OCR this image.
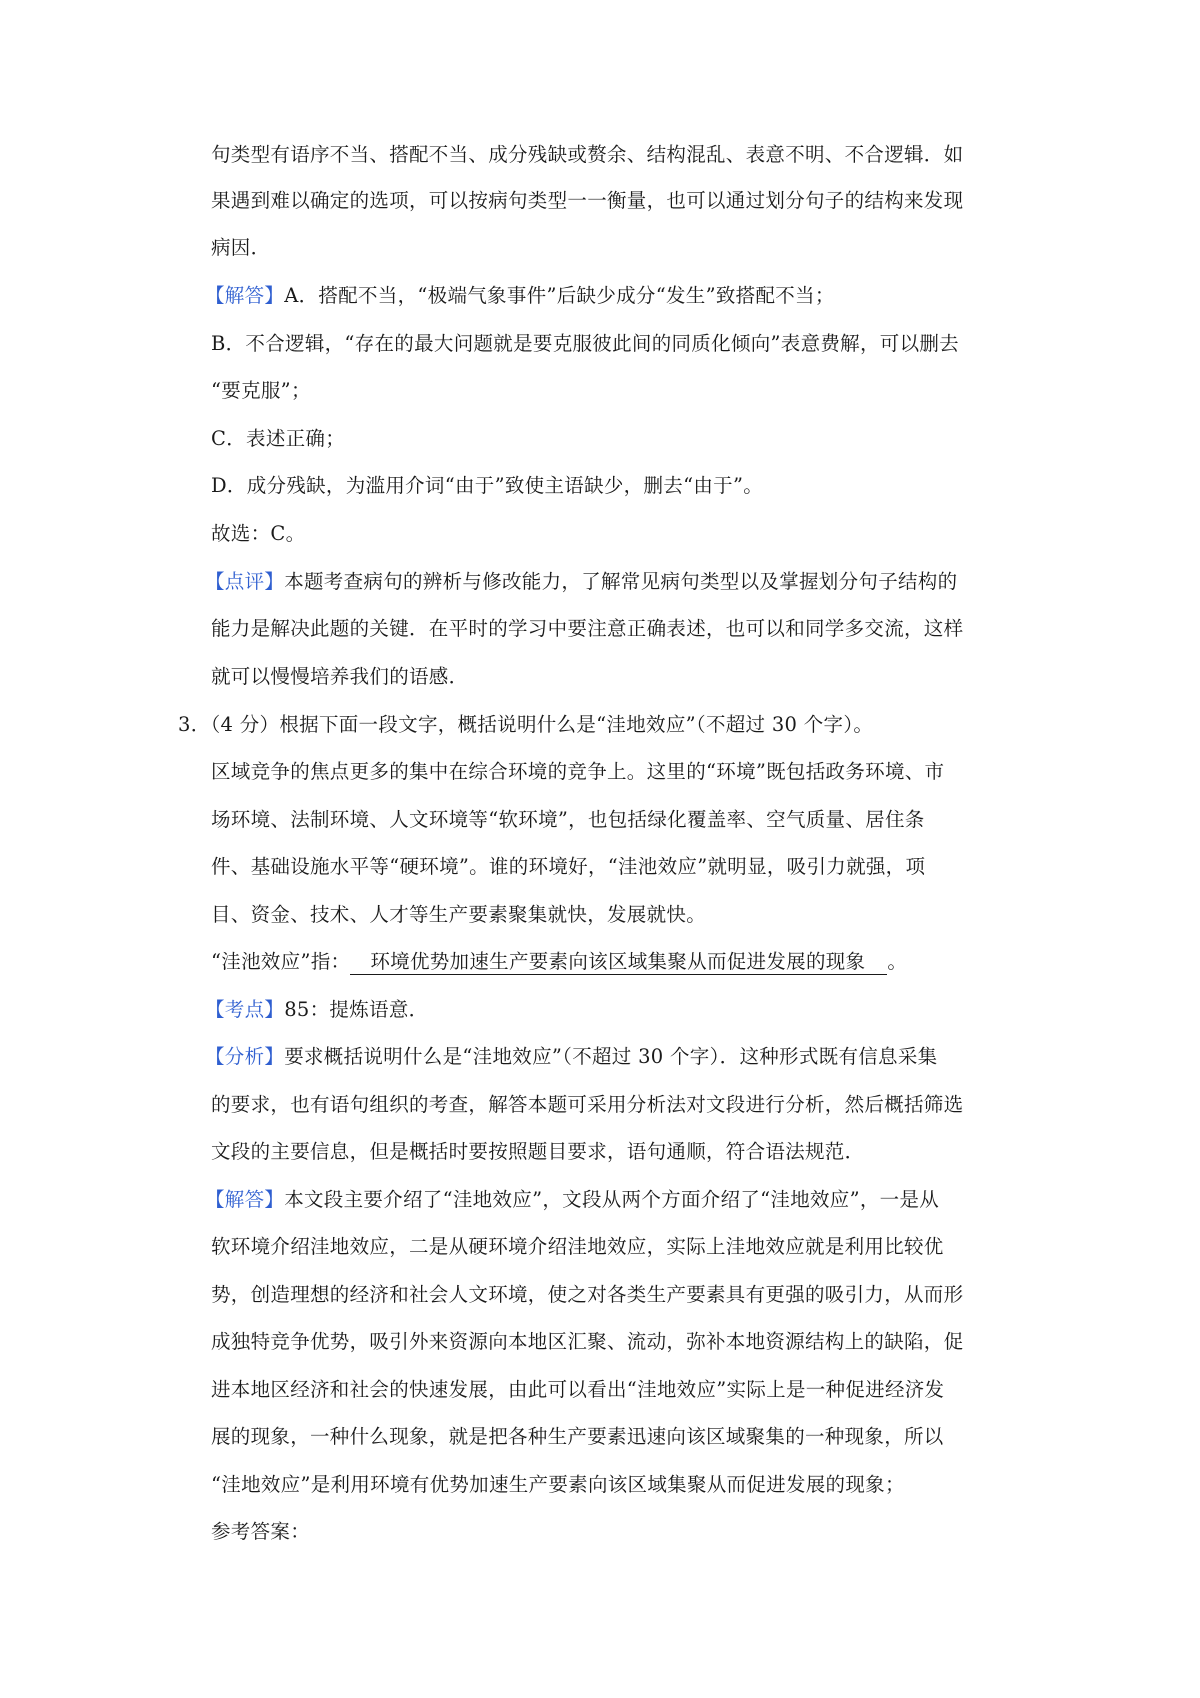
句类型有语序不当、搭配不当、成分残缺或赘余、结构混乱、表意不明、不合逻辑．如
果遇到难以确定的选项，可以按病句类型一一衡量，也可以通过划分句子的结构来发现
病因．
【解答】A．搭配不当，“极端气象事件”后缺少成分“发生”致搭配不当；
B．不合逻辑，“存在的最大问题就是要克服彼此间的同质化倾向”表意费解，可以删去
“要克服”；
C．表述正确；
D．成分残缺，为滥用介词“由于”致使主语缺少，删去“由于”。
故选：C。
【点评】本题考查病句的辨析与修改能力，了解常见病句类型以及掌握划分句子结构的
能力是解决此题的关键．在平时的学习中要注意正确表述，也可以和同学多交流，这样
就可以慢慢培养我们的语感．
3．（4 分）根据下面一段文字，概括说明什么是“洼地效应”（不超过 30 个字）。
区域竞争的焦点更多的集中在综合环境的竞争上。这里的“环境”既包括政务环境、市
场环境、法制环境、人文环境等“软环境”，也包括绿化覆盖率、空气质量、居住条
件、基础设施水平等“硬环境”。谁的环境好，“洼池效应”就明显，吸引力就强，项
目、资金、技术、人才等生产要素聚集就快，发展就快。
“洼池效应”指： 环境优势加速生产要素向该区域集聚从而促进发展的现象 。
【考点】85：提炼语意．
【分析】要求概括说明什么是“洼地效应”（不超过 30 个字）．这种形式既有信息采集
的要求，也有语句组织的考查，解答本题可采用分析法对文段进行分析，然后概括筛选
文段的主要信息，但是概括时要按照题目要求，语句通顺，符合语法规范．
【解答】本文段主要介绍了“洼地效应”，文段从两个方面介绍了“洼地效应”，一是从
软环境介绍洼地效应，二是从硬环境介绍洼地效应，实际上洼地效应就是利用比较优
势，创造理想的经济和社会人文环境，使之对各类生产要素具有更强的吸引力，从而形
成独特竞争优势，吸引外来资源向本地区汇聚、流动，弥补本地资源结构上的缺陷，促
进本地区经济和社会的快速发展，由此可以看出“洼地效应”实际上是一种促进经济发
展的现象，一种什么现象，就是把各种生产要素迅速向该区域聚集的一种现象，所以
“洼地效应”是利用环境有优势加速生产要素向该区域集聚从而促进发展的现象；
参考答案：
